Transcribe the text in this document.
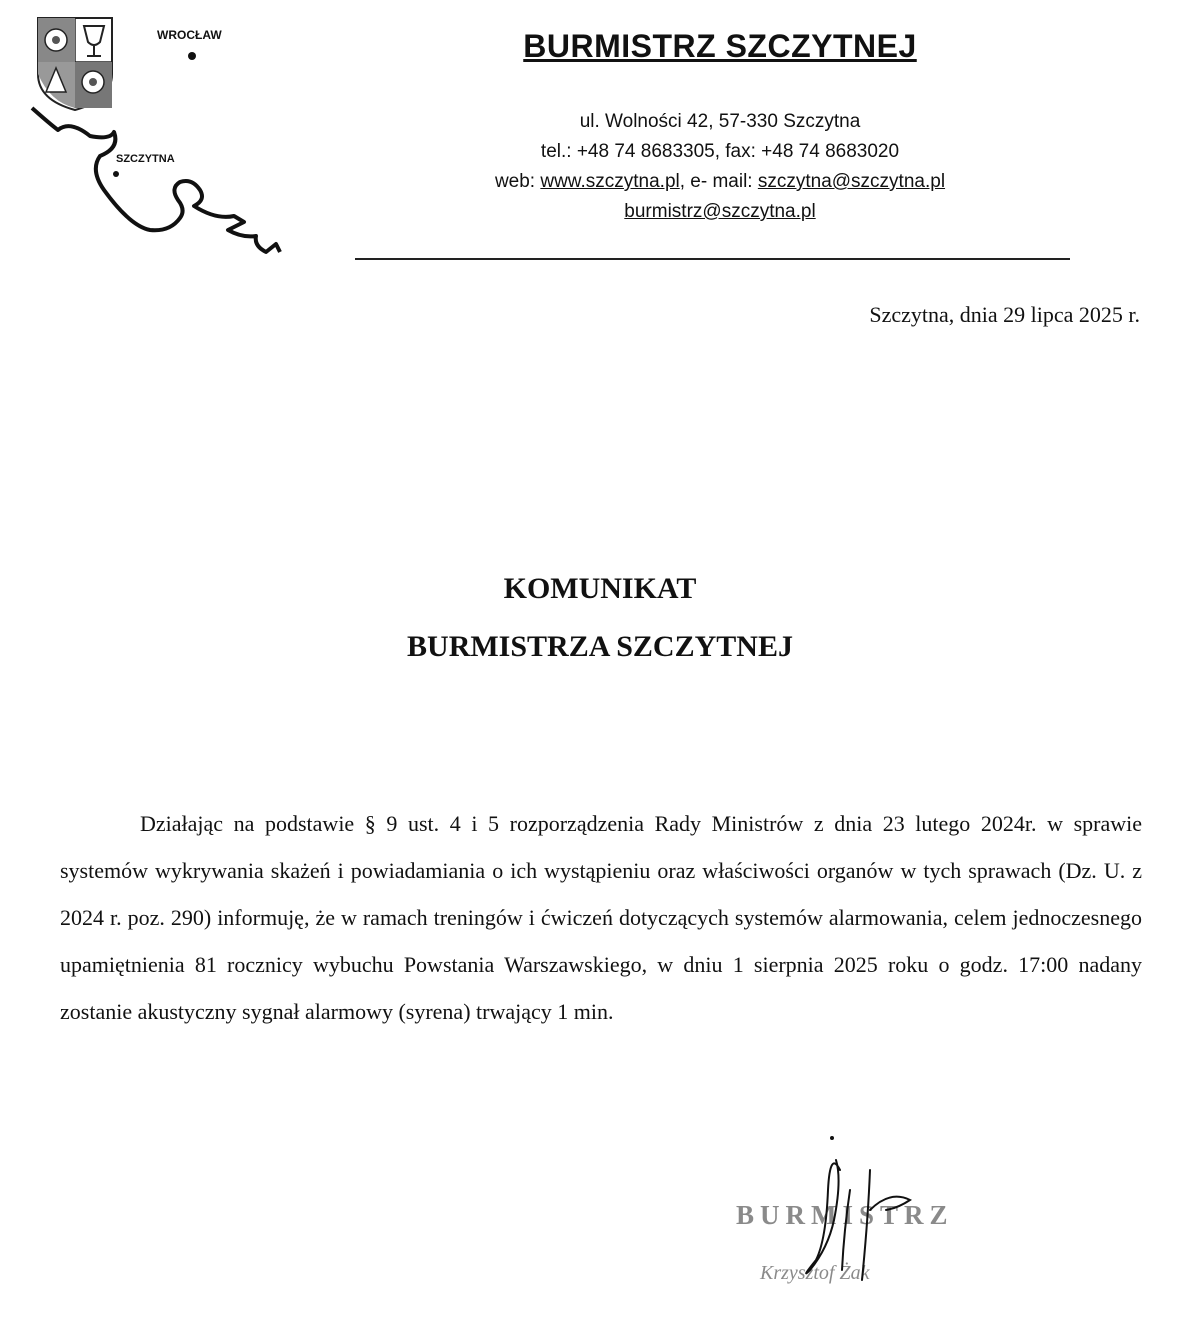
WROCŁAW
SZCZYTNA
BURMISTRZ SZCZYTNEJ
ul. Wolności 42, 57-330 Szczytna
tel.: +48 74 8683305, fax: +48 74 8683020
web: www.szczytna.pl, e- mail: szczytna@szczytna.pl
burmistrz@szczytna.pl
Szczytna, dnia 29 lipca 2025 r.
KOMUNIKAT
BURMISTRZA SZCZYTNEJ

Działając na podstawie § 9 ust. 4 i 5 rozporządzenia Rady Ministrów z dnia 23 lutego 2024r. w sprawie systemów wykrywania skażeń i powiadamiania o ich wystąpieniu oraz właściwości organów w tych sprawach (Dz. U. z 2024 r. poz. 290) informuję, że w ramach treningów i ćwiczeń dotyczących systemów alarmowania, celem jednoczesnego upamiętnienia 81 rocznicy wybuchu Powstania Warszawskiego, w dniu 1 sierpnia 2025 roku o godz. 17:00 nadany zostanie akustyczny sygnał alarmowy (syrena) trwający 1 min.

BURMISTRZ
Krzysztof Żak
